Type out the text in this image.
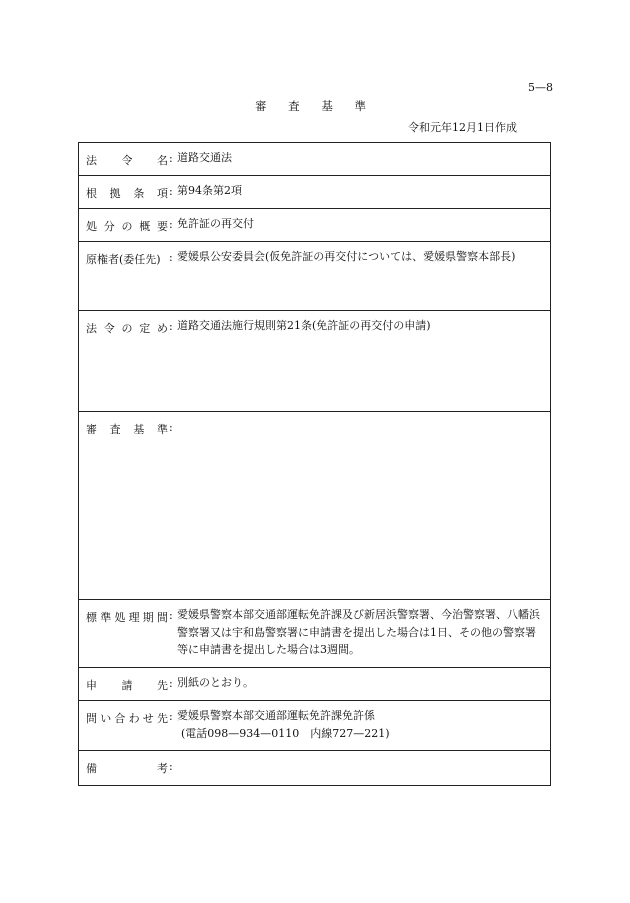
5—8
審 査 基 準
令和元年12月1日作成
法 令 名 : 道路交通法
根 拠 条 項 : 第94条第2項
処 分 の 概 要 : 免許証の再交付
原権者(委任先) : 愛媛県公安委員会(仮免許証の再交付については、愛媛県警察本部長)
法 令 の 定 め : 道路交通法施行規則第21条(免許証の再交付の申請)
審 査 基 準 :
標 準 処 理 期 間 : 愛媛県警察本部交通部運転免許課及び新居浜警察署、今治警察署、八幡浜警察署又は宇和島警察署に申請書を提出した場合は1日、その他の警察署等に申請書を提出した場合は3週間。
申 請 先 : 別紙のとおり。
問 い 合 わ せ 先 : 愛媛県警察本部交通部運転免許課免許係
(電話098—934—0110　内線727—221)
備	考 :
